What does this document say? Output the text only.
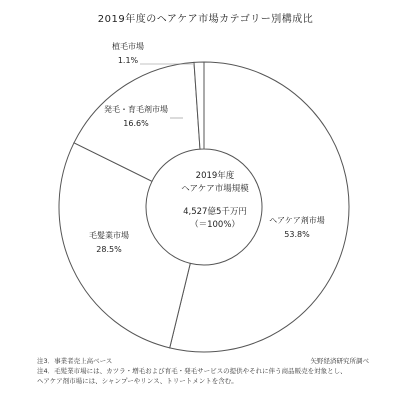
2019年度のヘアケア市場カテゴリー別構成比
2019年度
ヘアケア市場規模
4,527億5千万円
（＝100%）	ヘアケア剤市場
53.8%
毛髪業市場
28.5%
発毛・育毛剤市場
16.6%
植毛市場
1.1%
注3．事業者売上高ベース
注4．毛髪業市場には、カツラ・増毛および育毛・発毛サービスの提供やそれに伴う商品販売を対象とし、
ヘアケア剤市場には、シャンプーやリンス、トリートメントを含む。
矢野経済研究所調べ
